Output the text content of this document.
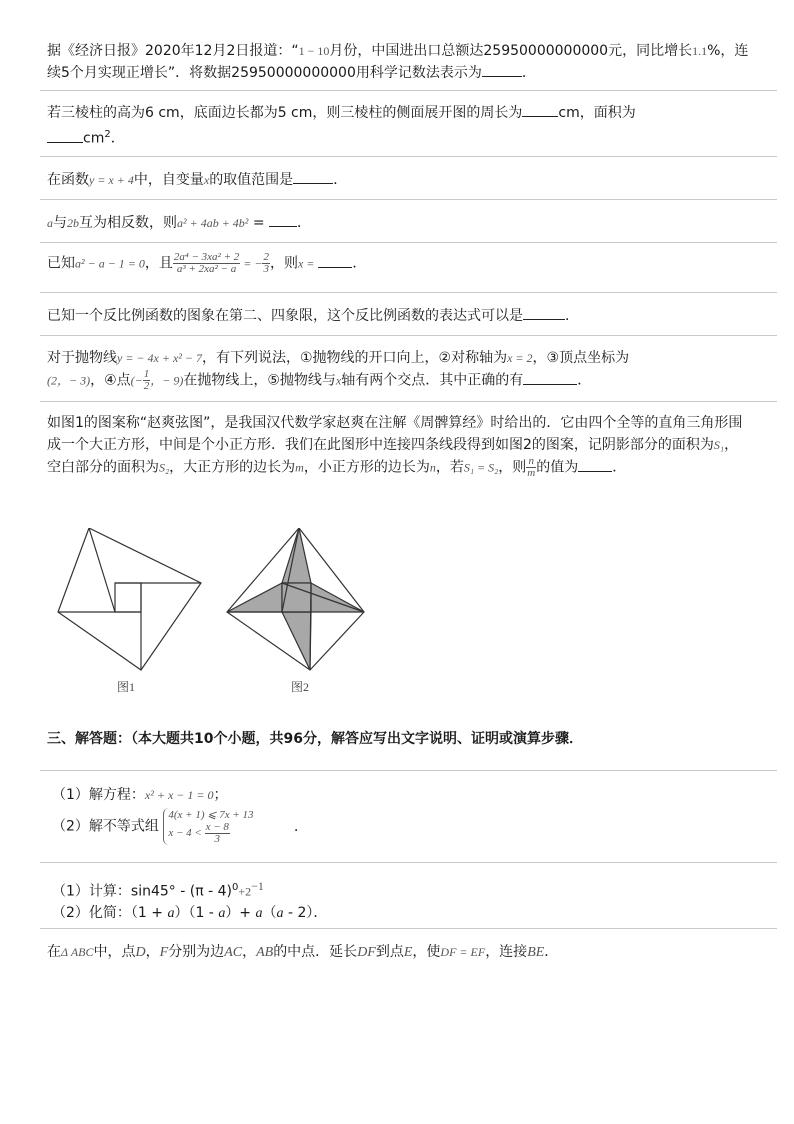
据《经济日报》2020年12月2日报道：“1 − 10月份，中国进出口总额达25950000000000元，同比增长1.1%，连续5个月实现正增长”．将数据25950000000000用科学记数法表示为	．
若三棱柱的高为6 cm，底面边长都为5 cm，则三棱柱的侧面展开图的周长为	cm，面积为
$cm^2$．
在函数y = x + 4中，自变量x的取值范围是	．
a与2b互为相反数，则a² + 4ab + 4b² = ．
已知a² − a − 1 = 0，且 $\frac{\text{2a⁴ − 3xa² + 2}}{\text{a³ + 2xa² − a}}$ = − $\frac{2}{3}$ ，则x =	．
已知一个反比例函数的图象在第二、四象限，这个反比例函数的表达式可以是	．
对于抛物线y = − 4x + x² − 7，有下列说法，①抛物线的开口向上，②对称轴为x = 2，③顶点坐标为
(2，− 3)，④点(− $\frac{1}{2}$ ，− 9)在抛物线上，⑤抛物线与x轴有两个交点．其中正确的有	．
如图1的图案称“赵爽弦图”，是我国汉代数学家赵爽在注解《周髀算经》时给出的．它由四个全等的直角三角形围成一个大正方形，中间是个小正方形．我们在此图形中连接四条线段得到如图2的图案，记阴影部分的面积为S₁，空白部分的面积为S₂，大正方形的边长为m，小正方形的边长为n，若S₁ = S₂，则 $\frac{n}{m}$ 的值为 ．
图1	图2
三、解答题：（本大题共10个小题，共96分，解答应写出文字说明、证明或演算步骤．
（1）解方程：x² + x − 1 = 0；
（2）解不等式组
4(x + 1) ⩽ 7x + 13
$x - 4 < \frac{x - 8}{3}$	．
（1）计算：$\sin 45^\circ - (\pi - 4)^0+2^{-1}$
（2）化简：（1 + a）（1 - a）+ a（a - 2）．
在Δ ABC中，点D，F分别为边AC，AB的中点．延长DF到点E，使DF = EF，连接BE．
